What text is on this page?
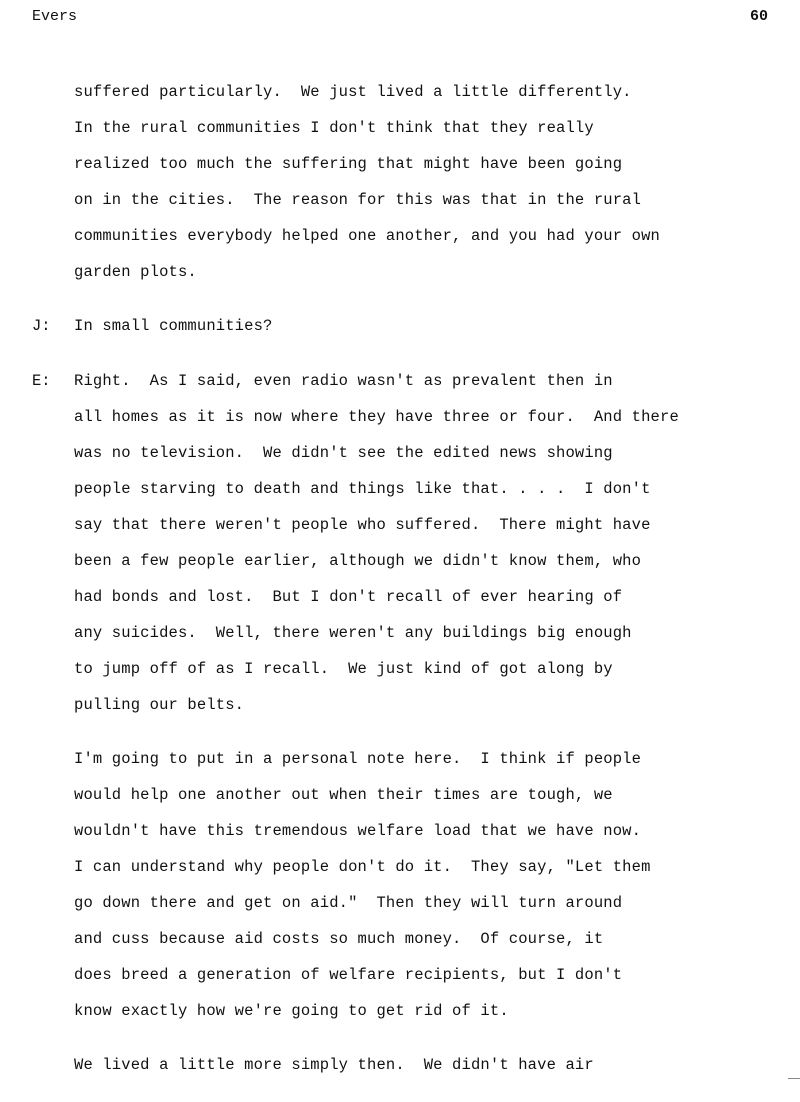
Evers	60
suffered particularly.  We just lived a little differently.
In the rural communities I don't think that they really
realized too much the suffering that might have been going
on in the cities.  The reason for this was that in the rural
communities everybody helped one another, and you had your own
garden plots.
J: In small communities?
E: Right.  As I said, even radio wasn't as prevalent then in
all homes as it is now where they have three or four.  And there
was no television.  We didn't see the edited news showing
people starving to death and things like that. . . .  I don't
say that there weren't people who suffered.  There might have
been a few people earlier, although we didn't know them, who
had bonds and lost.  But I don't recall of ever hearing of
any suicides.  Well, there weren't any buildings big enough
to jump off of as I recall.  We just kind of got along by
pulling our belts.
I'm going to put in a personal note here.  I think if people
would help one another out when their times are tough, we
wouldn't have this tremendous welfare load that we have now.
I can understand why people don't do it.  They say, "Let them
go down there and get on aid."  Then they will turn around
and cuss because aid costs so much money.  Of course, it
does breed a generation of welfare recipients, but I don't
know exactly how we're going to get rid of it.
We lived a little more simply then.  We didn't have air
